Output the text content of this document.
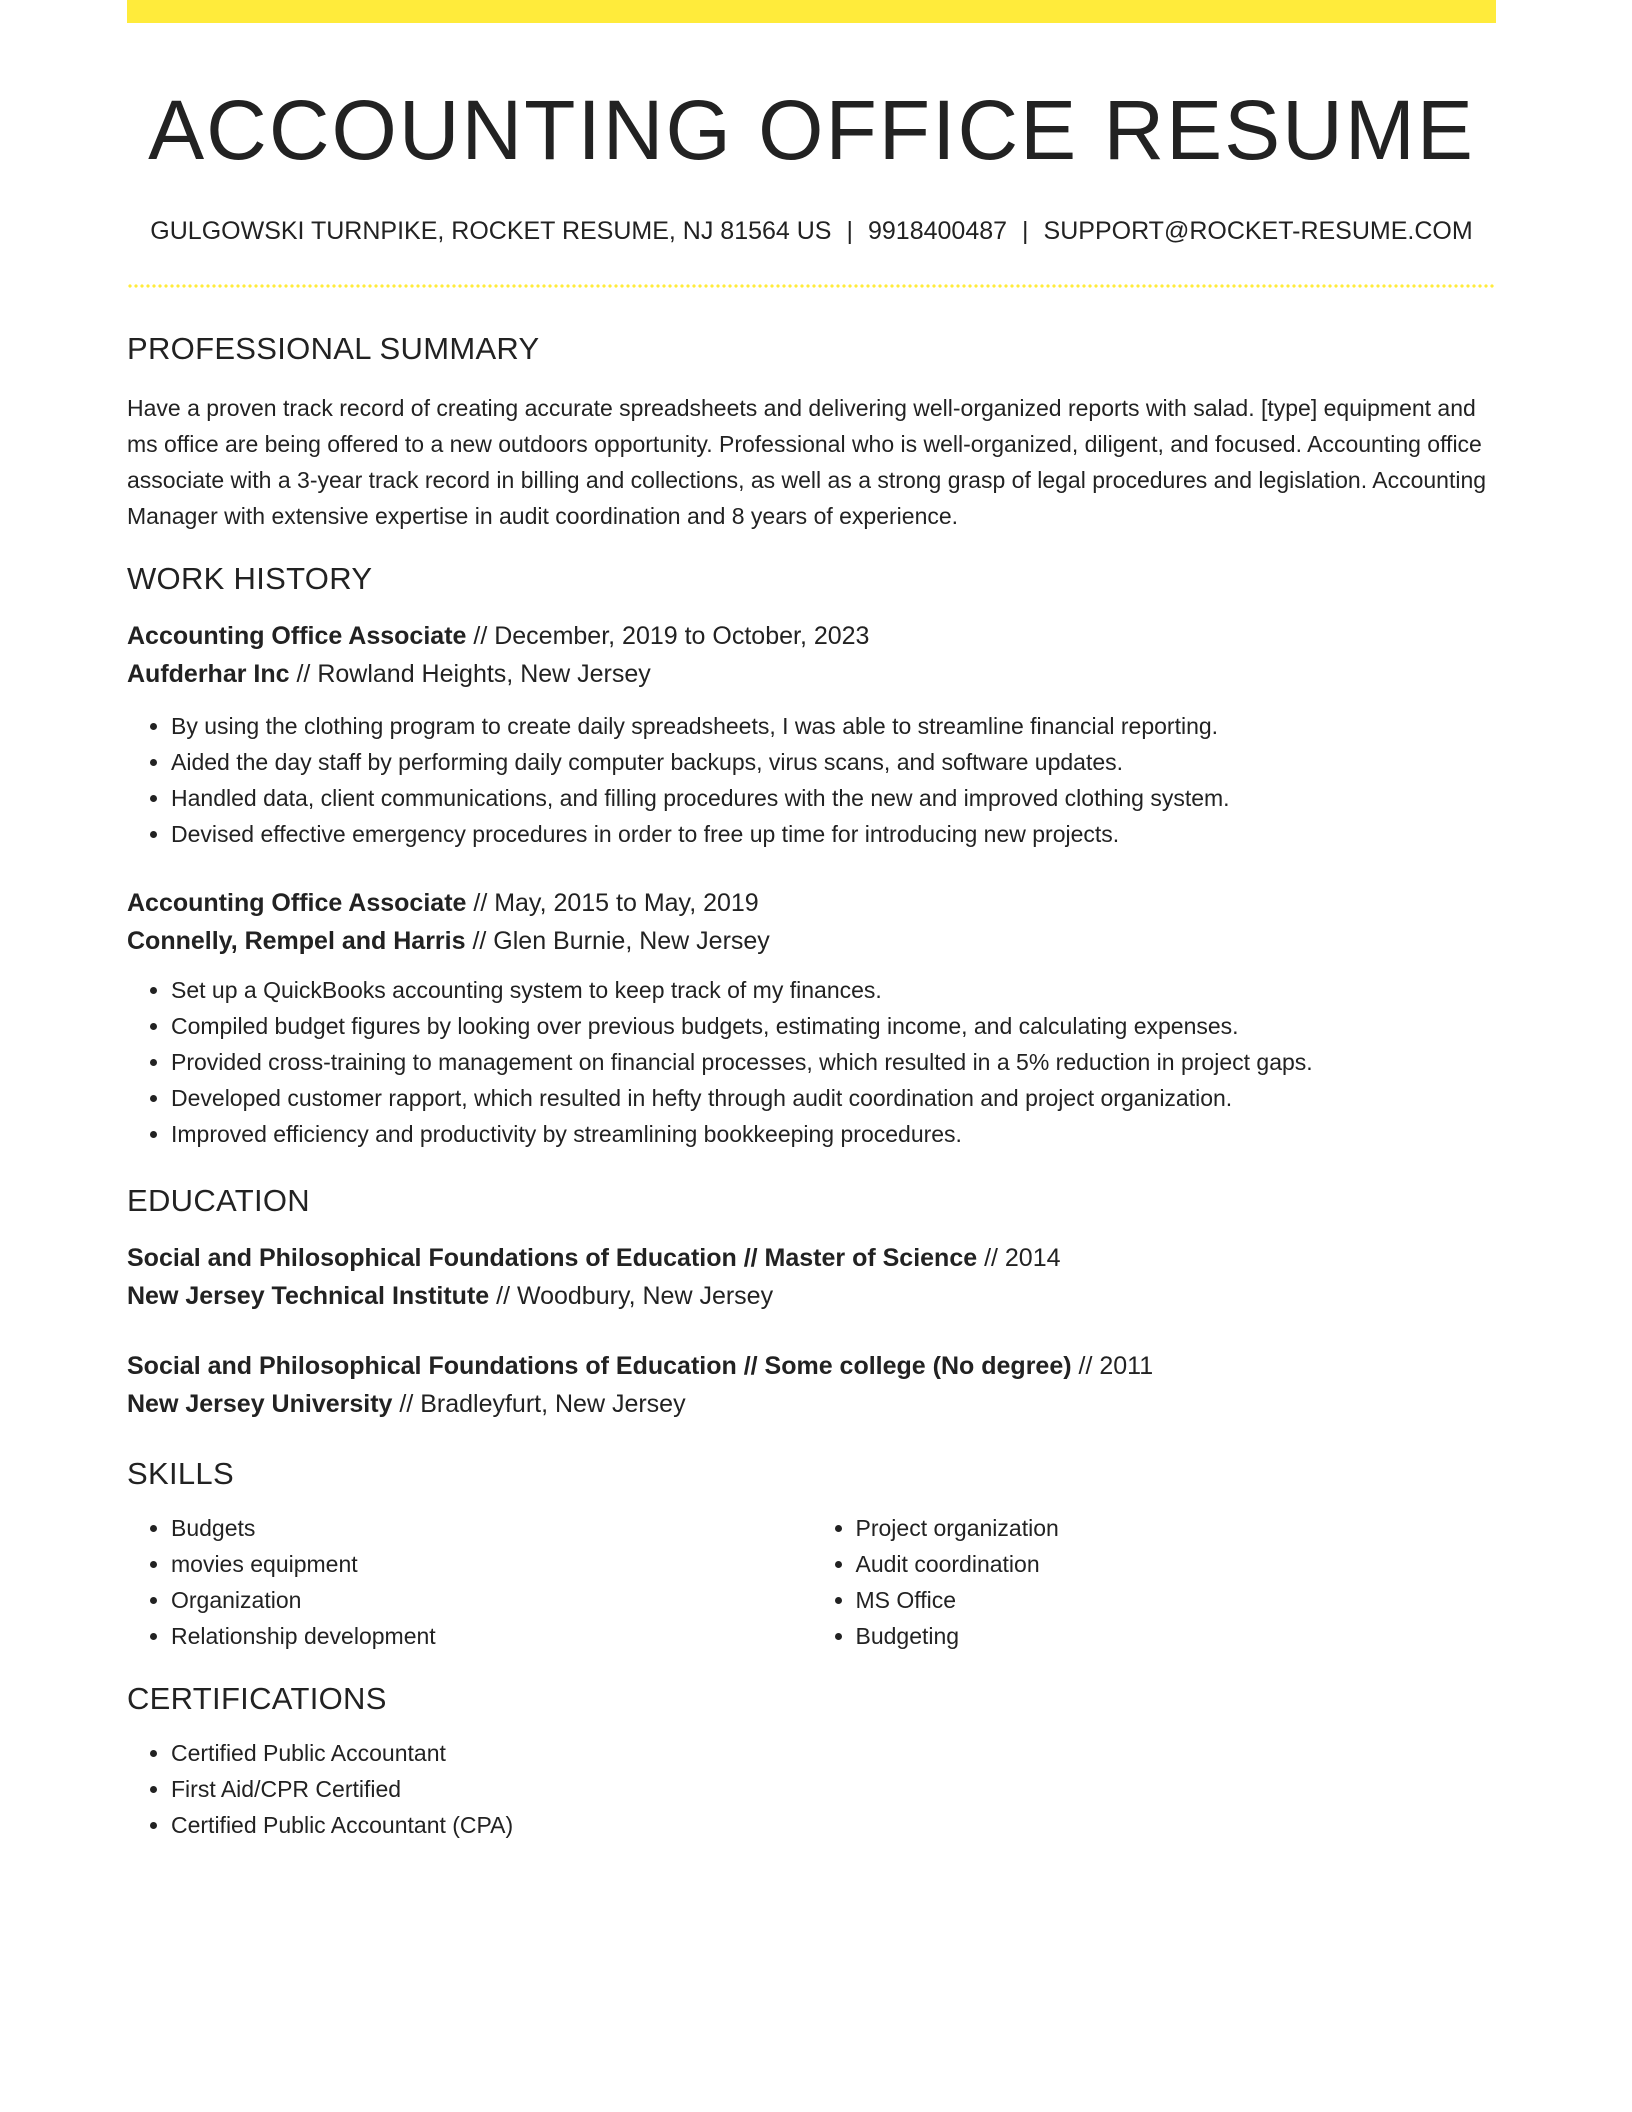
ACCOUNTING OFFICE RESUME
GULGOWSKI TURNPIKE, ROCKET RESUME, NJ 81564 US | 9918400487 | SUPPORT@ROCKET-RESUME.COM
PROFESSIONAL SUMMARY

Have a proven track record of creating accurate spreadsheets and delivering well-organized reports with salad. [type] equipment and ms office are being offered to a new outdoors opportunity. Professional who is well-organized, diligent, and focused. Accounting office associate with a 3-year track record in billing and collections, as well as a strong grasp of legal procedures and legislation. Accounting Manager with extensive expertise in audit coordination and 8 years of experience.

WORK HISTORY

Accounting Office Associate // December, 2019 to October, 2023

Aufderhar Inc // Rowland Heights, New Jersey

• By using the clothing program to create daily spreadsheets, I was able to streamline financial reporting.
• Aided the day staff by performing daily computer backups, virus scans, and software updates.
• Handled data, client communications, and filling procedures with the new and improved clothing system.
• Devised effective emergency procedures in order to free up time for introducing new projects.

Accounting Office Associate // May, 2015 to May, 2019

Connelly, Rempel and Harris // Glen Burnie, New Jersey

• Set up a QuickBooks accounting system to keep track of my finances.
• Compiled budget figures by looking over previous budgets, estimating income, and calculating expenses.
• Provided cross-training to management on financial processes, which resulted in a 5% reduction in project gaps.
• Developed customer rapport, which resulted in hefty through audit coordination and project organization.
• Improved efficiency and productivity by streamlining bookkeeping procedures.
EDUCATION

Social and Philosophical Foundations of Education // Master of Science // 2014

New Jersey Technical Institute // Woodbury, New Jersey

Social and Philosophical Foundations of Education // Some college (No degree) // 2011

New Jersey University // Bradleyfurt, New Jersey

SKILLS
• Budgets
• movies equipment
• Organization
• Relationship development
• Project organization
• Audit coordination
• MS Office
• Budgeting
CERTIFICATIONS
• Certified Public Accountant
• First Aid/CPR Certified
• Certified Public Accountant (CPA)
